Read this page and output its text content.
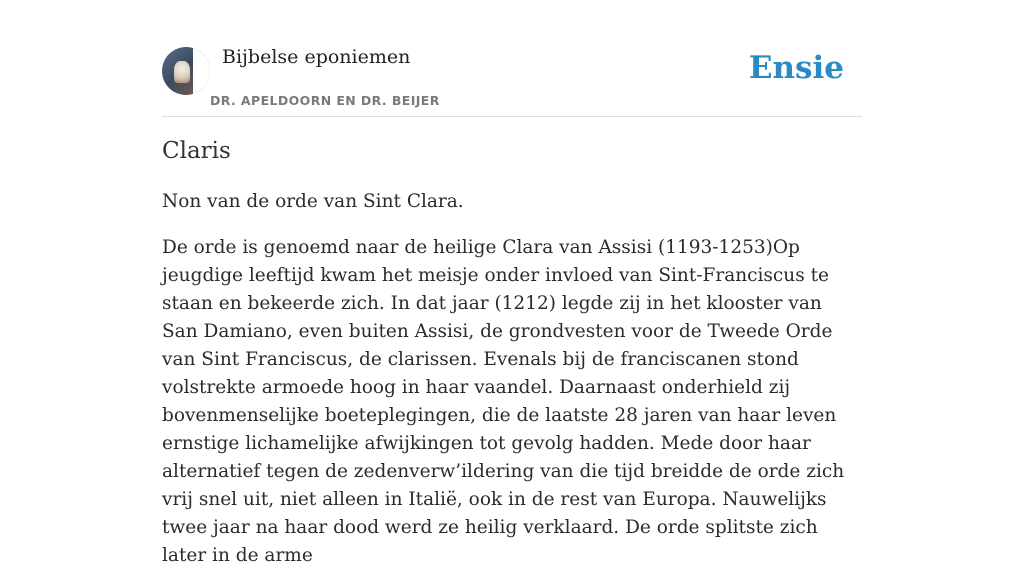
Bijbelse eponiemen
DR. APELDOORN EN DR. BEIJER
Ensie
Claris

Non van de orde van Sint Clara.

De orde is genoemd naar de heilige Clara van Assisi (1193-1253)Op jeugdige leeftijd kwam het meisje onder invloed van Sint-Franciscus te staan en bekeerde zich. In dat jaar (1212) legde zij in het klooster van San Damiano, even buiten Assisi, de grondvesten voor de Tweede Orde van Sint Franciscus, de clarissen. Evenals bij de franciscanen stond volstrekte armoede hoog in haar vaandel. Daarnaast onderhield zij bovenmenselijke boeteplegingen, die de laatste 28 jaren van haar leven ernstige lichamelijke afwijkingen tot gevolg hadden. Mede door haar alternatief tegen de zedenverw’ildering van die tijd breidde de orde zich vrij snel uit, niet alleen in Italië, ook in de rest van Europa. Nauwelijks twee jaar na haar dood werd ze heilig verklaard. De orde splitste zich later in de arme
